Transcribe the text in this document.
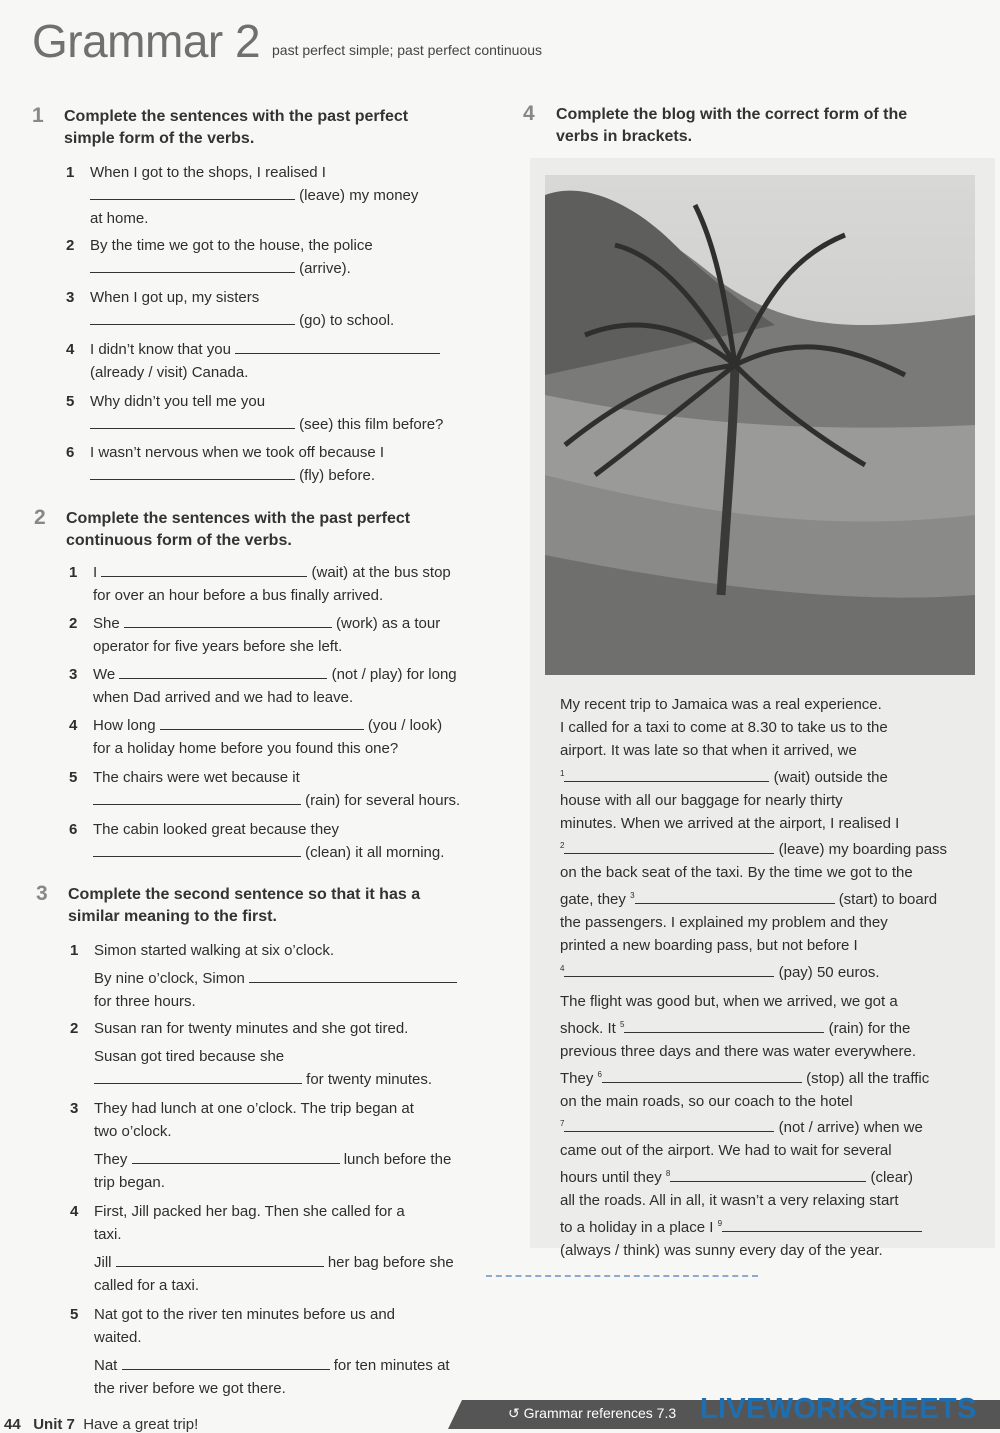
Grammar 2 past perfect simple; past perfect continuous
1 Complete the sentences with the past perfect
simple form of the verbs.
1 When I got to the shops, I realised I
(leave) my money
at home.
2 By the time we got to the house, the police
(arrive).
3 When I got up, my sisters
(go) to school.
4 I didn’t know that you
(already / visit) Canada.
5 Why didn’t you tell me you
(see) this film before?
6 I wasn’t nervous when we took off because I
(fly) before.
2 Complete the sentences with the past perfect
continuous form of the verbs.
1 I	(wait) at the bus stop
for over an hour before a bus finally arrived.
2 She	(work) as a tour
operator for five years before she left.
3 We	(not / play) for long
when Dad arrived and we had to leave.
4 How long	(you / look)
for a holiday home before you found this one?
5 The chairs were wet because it
(rain) for several hours.
6 The cabin looked great because they
(clean) it all morning.
3 Complete the second sentence so that it has a
similar meaning to the first.
1 Simon started walking at six o’clock.
By nine o’clock, Simon
for three hours.
2 Susan ran for twenty minutes and she got tired.
Susan got tired because she
for twenty minutes.
3 They had lunch at one o’clock. The trip began at
two o’clock.
They	lunch before the
trip began.
4 First, Jill packed her bag. Then she called for a
taxi.
Jill	her bag before she
called for a taxi.
5 Nat got to the river ten minutes before us and
waited.
Nat	for ten minutes at
the river before we got there.
4 Complete the blog with the correct form of the
verbs in brackets.
My recent trip to Jamaica was a real experience.
I called for a taxi to come at 8.30 to take us to the
airport. It was late so that when it arrived, we
$^1$	(wait) outside the
house with all our baggage for nearly thirty
minutes. When we arrived at the airport, I realised I
$^2$	(leave) my boarding pass
on the back seat of the taxi. By the time we got to the
gate, they $^3$	(start) to board
the passengers. I explained my problem and they
printed a new boarding pass, but not before I
$^4$	(pay) 50 euros.
The flight was good but, when we arrived, we got a
shock. It $^5$	(rain) for the
previous three days and there was water everywhere.
They $^6$	(stop) all the traffic
on the main roads, so our coach to the hotel
$^7$	(not / arrive) when we
came out of the airport. We had to wait for several
hours until they $^8$	(clear)
all the roads. All in all, it wasn’t a very relaxing start
to a holiday in a place I $^9$
(always / think) was sunny every day of the year.
44 Unit 7 Have a great trip!
↺ Grammar references 7.3 LIVEWORKSHEETS
